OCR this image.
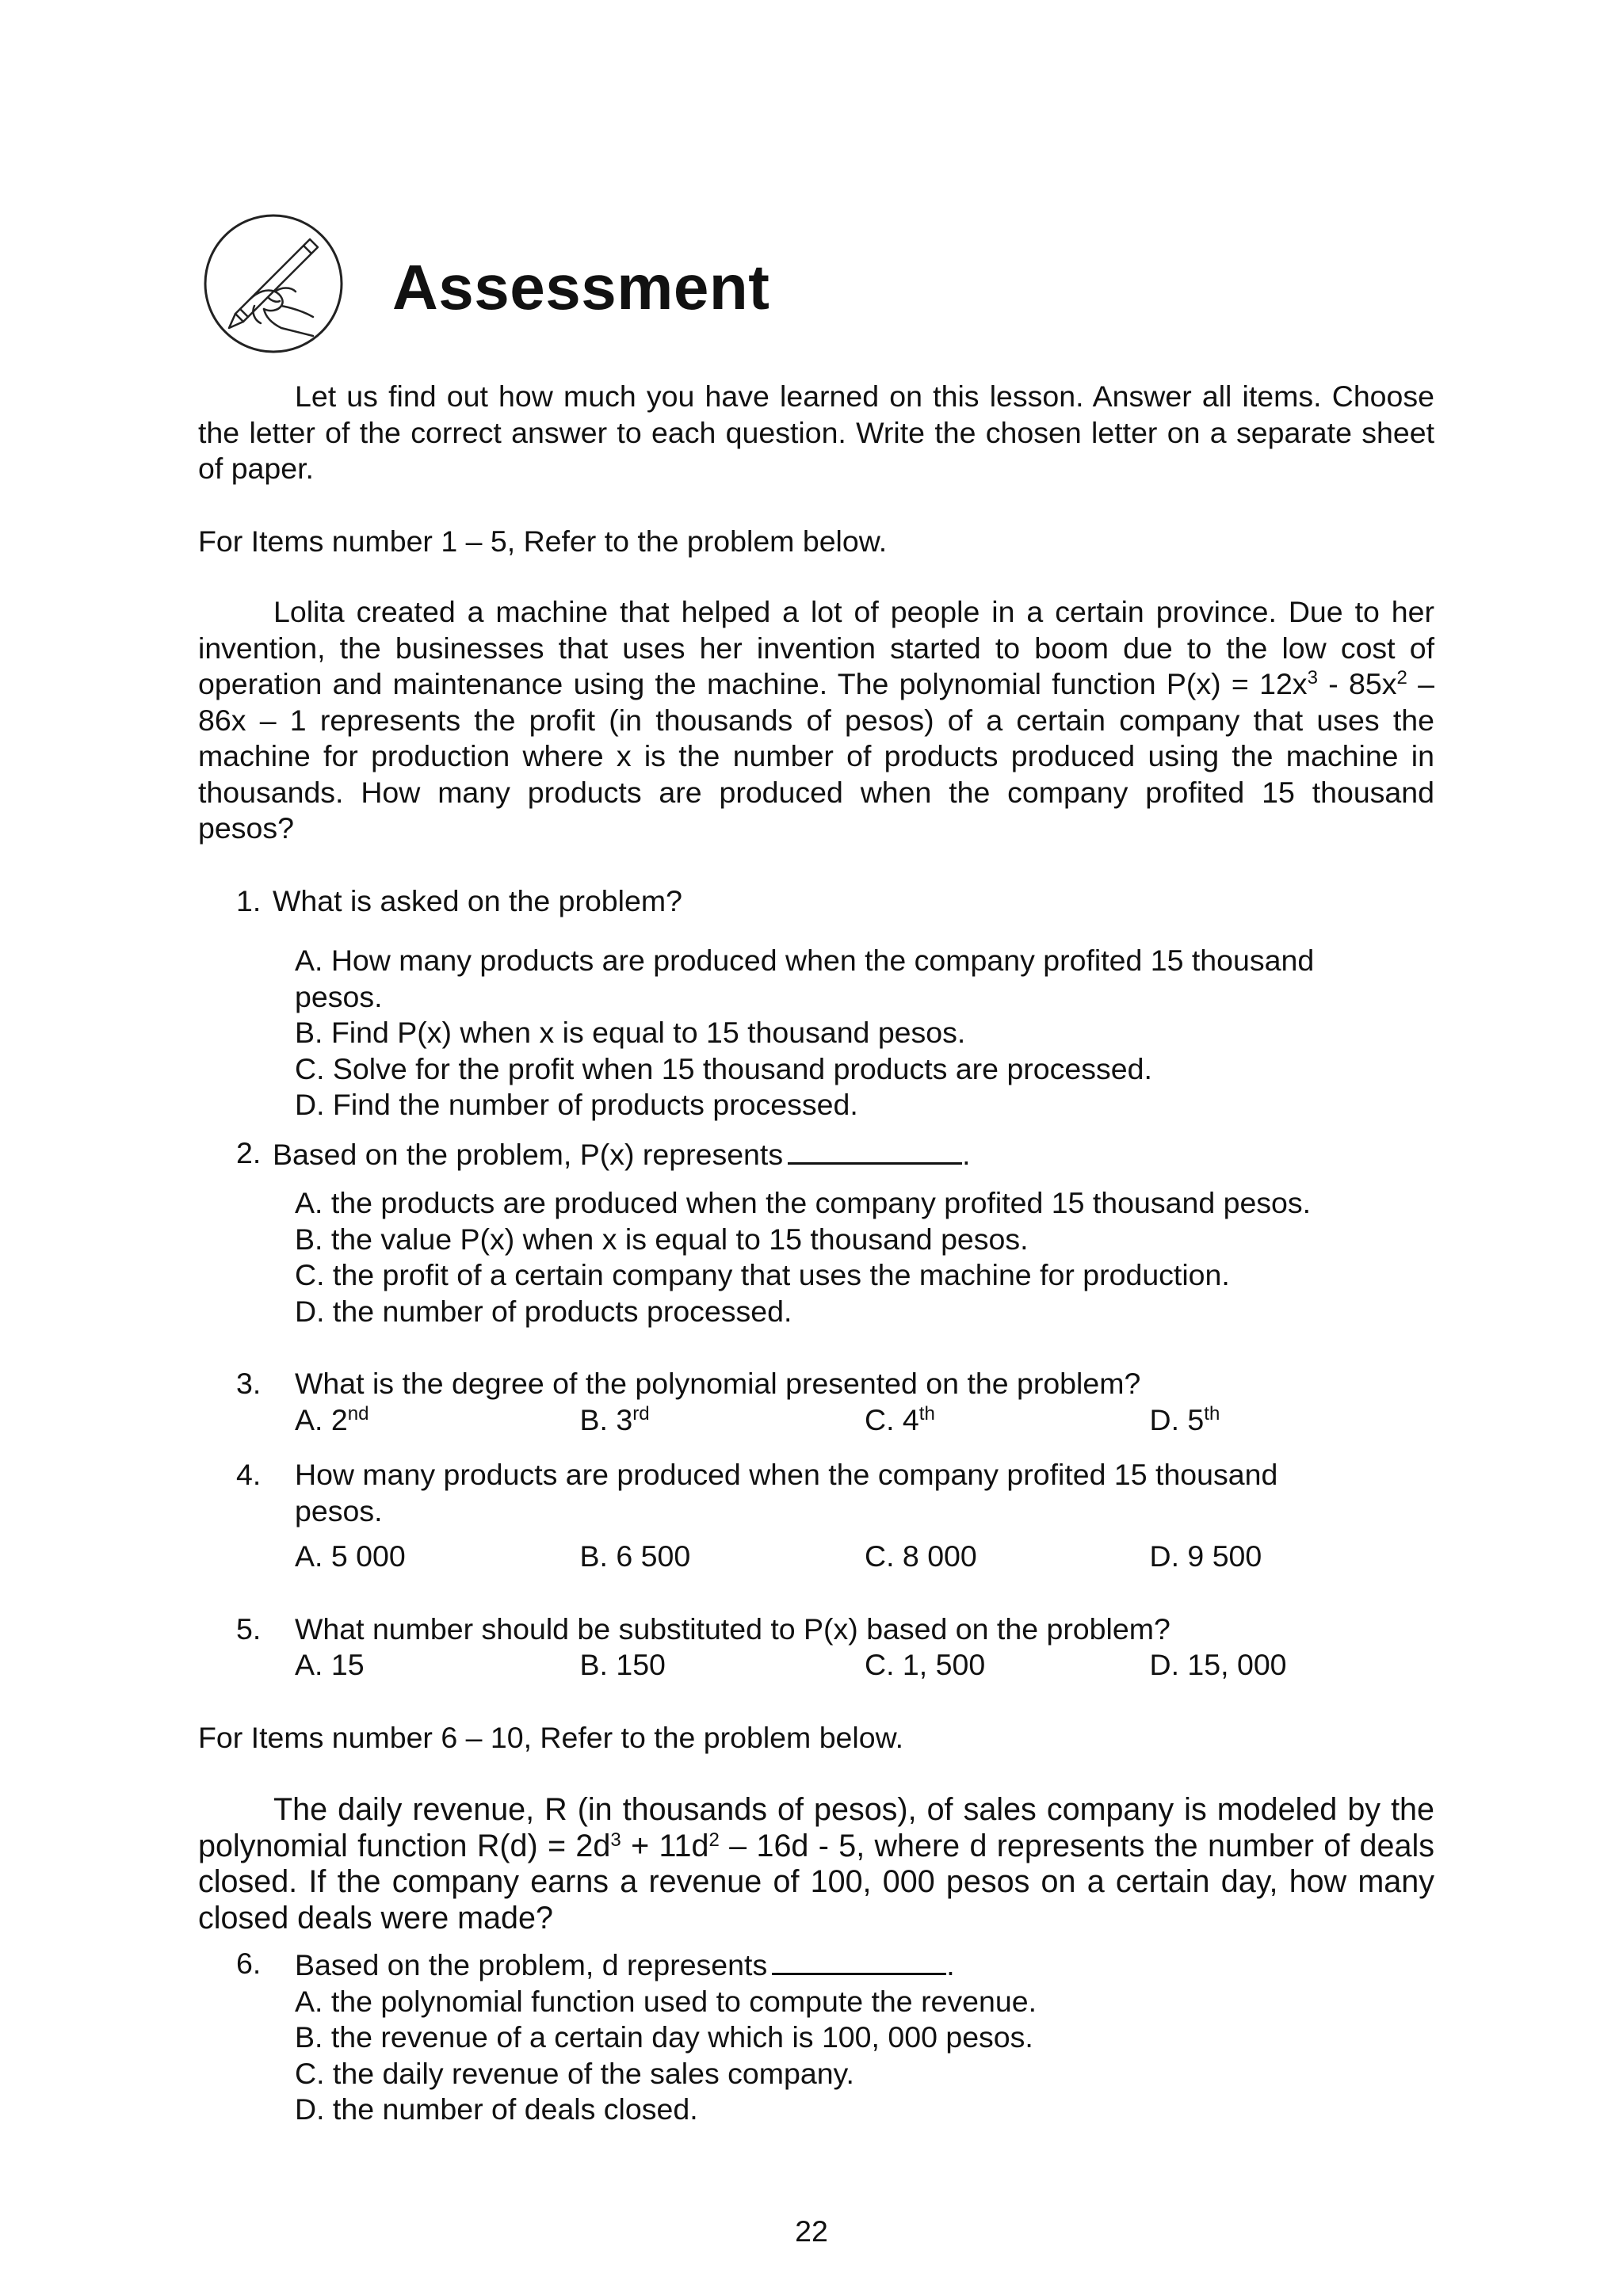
Assessment

Let us find out how much you have learned on this lesson. Answer all items. Choose the letter of the correct answer to each question. Write the chosen letter on a separate sheet of paper.

For Items number 1 – 5, Refer to the problem below.

Lolita created a machine that helped a lot of people in a certain province. Due to her invention, the businesses that uses her invention started to boom due to the low cost of operation and maintenance using the machine. The polynomial function $P(x) = 12x^3 - 85x^2 - 86x - 1$ represents the profit (in thousands of pesos) of a certain company that uses the machine for production where x is the number of products produced using the machine in thousands. How many products are produced when the company profited 15 thousand pesos?

1. What is asked on the problem?

A. How many products are produced when the company profited 15 thousand pesos.

B. Find P(x) when x is equal to 15 thousand pesos.

C. Solve for the profit when 15 thousand products are processed.

D. Find the number of products processed.

2. Based on the problem, P(x) represents	.

A. the products are produced when the company profited 15 thousand pesos.

B. the value P(x) when x is equal to 15 thousand pesos.

C. the profit of a certain company that uses the machine for production.

D. the number of products processed.

3. What is the degree of the polynomial presented on the problem?

A. 2nd	B. 3rd	C. 4th	D. 5th

4. How many products are produced when the company profited 15 thousand pesos.

A. 5 000	B. 6 500	C. 8 000	D. 9 500

5. What number should be substituted to P(x) based on the problem?

A. 15	B. 150	C. 1, 500	D. 15, 000

For Items number 6 – 10, Refer to the problem below.

The daily revenue, R (in thousands of pesos), of sales company is modeled by the polynomial function $R(d) = 2d^3 + 11d^2 - 16d - 5$, where d represents the number of deals closed. If the company earns a revenue of 100, 000 pesos on a certain day, how many closed deals were made?

6. Based on the problem, d represents	.

A. the polynomial function used to compute the revenue.

B. the revenue of a certain day which is 100, 000 pesos.

C. the daily revenue of the sales company.

D. the number of deals closed.

22
